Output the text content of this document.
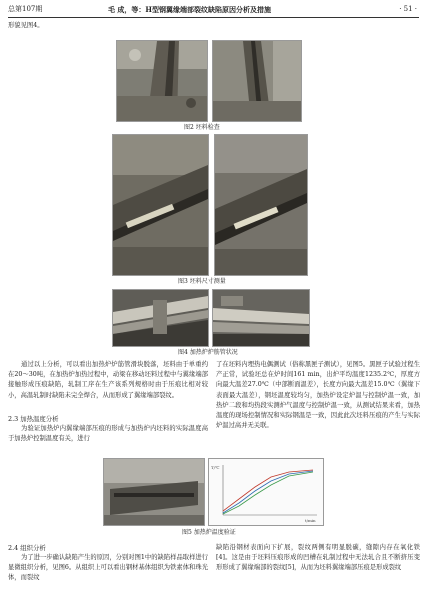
总第107期	毛 成，等：H型钢翼缘端部裂纹缺陷原因分析及措施	· 51 ·
形貌见图4。
图2 坯料检查
图3 坯料尺寸测量
图4 加热炉炉筋管状况
通过以上分析，可以看出加热炉炉筋管滑块脱落，坯料由于单重约在20～30吨，在加热炉加热过程中，动梁在移动坯料过程中与翼缘端部接触形成压痕缺陷，轧制工序在生产该系列规格时由于压痕比相对较小，高温轧制时缺陷未完全焊合，从而形成了翼缘端部裂纹。
2.3 加热温度分析
为验证加热炉内翼缘端部压痕的形成与加热炉内坯料的实际温度高于加热炉控制温度有关，进行
了在坯料内埋热电偶测试（俗称黑匣子测试），见图5。黑匣子试验过程生产正常，试验坯总在炉时间161 min，出炉平均温度1235.2℃，厚度方向最大温差27.0℃（中部断面温差），长度方向最大温差15.0℃（翼缘下表面最大温差），钢坯温度较均匀，加热炉设定炉温与控制炉温一致，加热炉二段和均热段实测炉气温度与控制炉温一致，从测试结果来看，加热温度的现场控制情况和实际钢温是一致，因此此次坯料压痕的产生与实际炉温过高并无关联。
t/min
T/℃
图5 加热炉温度验证
2.4 组织分析
为了进一步确认缺陷产生的原因，分别对图1中的缺陷样品取样进行显微组织分析，见图6。从组织上可以看出钢材基体组织为铁素体和珠光体，而裂纹
缺陷沿钢材表面向下扩展，裂纹两侧有明显脱碳，缝隙内存在氧化铁[4]。这是由于坯料压痕形成的凹槽在轧制过程中无法轧合且不断挤压变形形成了翼缘端部的裂纹[5]，从而为坯料翼缘端部压痕是形成裂纹
